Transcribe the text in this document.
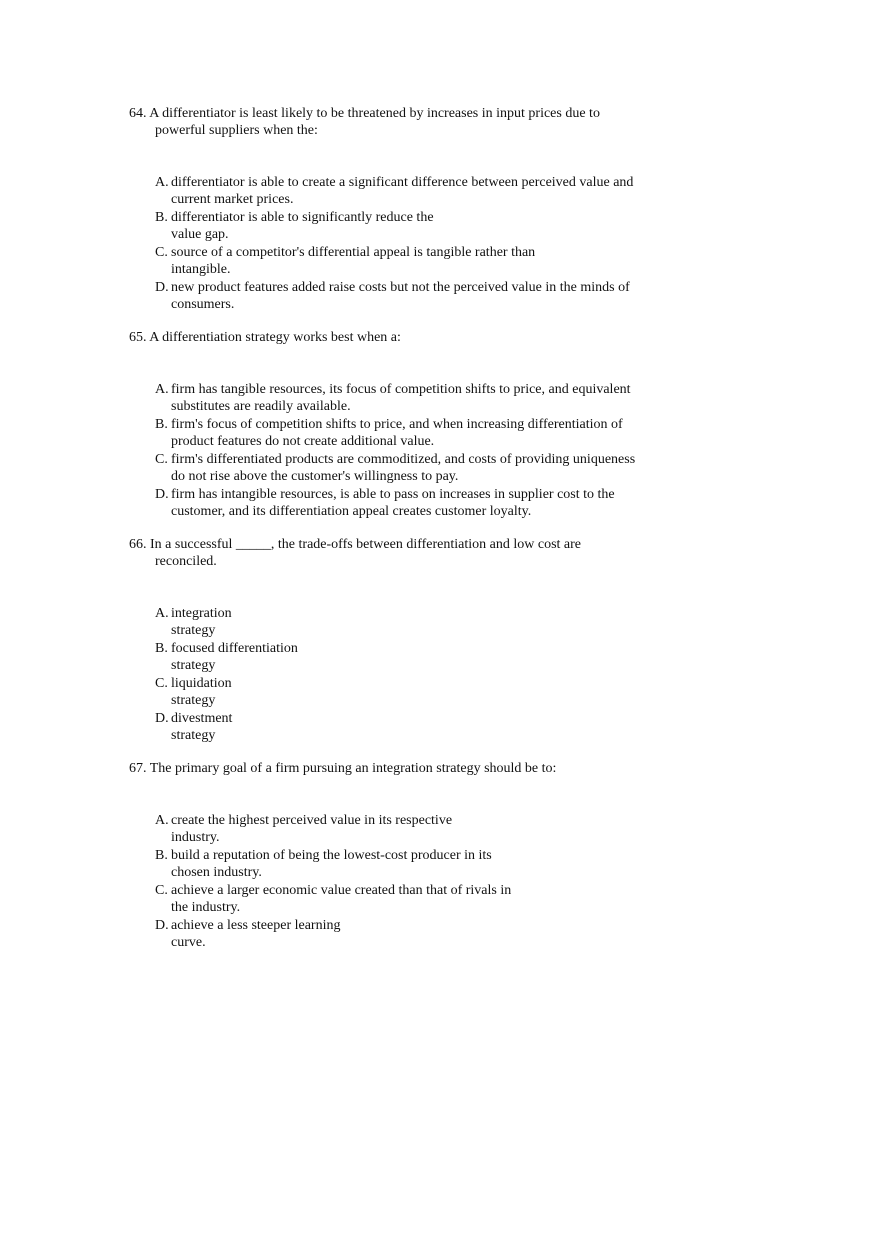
64. A differentiator is least likely to be threatened by increases in input prices due to
powerful suppliers when the:
A. differentiator is able to create a significant difference between perceived value and
current market prices.
B. differentiator is able to significantly reduce the
value gap.
C. source of a competitor's differential appeal is tangible rather than
intangible.
D. new product features added raise costs but not the perceived value in the minds of
consumers.
65. A differentiation strategy works best when a:
A. firm has tangible resources, its focus of competition shifts to price, and equivalent
substitutes are readily available.
B. firm's focus of competition shifts to price, and when increasing differentiation of
product features do not create additional value.
C. firm's differentiated products are commoditized, and costs of providing uniqueness
do not rise above the customer's willingness to pay.
D. firm has intangible resources, is able to pass on increases in supplier cost to the
customer, and its differentiation appeal creates customer loyalty.
66. In a successful _____, the trade-offs between differentiation and low cost are
reconciled.
A. integration
strategy
B. focused differentiation
strategy
C. liquidation
strategy
D. divestment
strategy
67. The primary goal of a firm pursuing an integration strategy should be to:
A. create the highest perceived value in its respective
industry.
B. build a reputation of being the lowest-cost producer in its
chosen industry.
C. achieve a larger economic value created than that of rivals in
the industry.
D. achieve a less steeper learning
curve.
